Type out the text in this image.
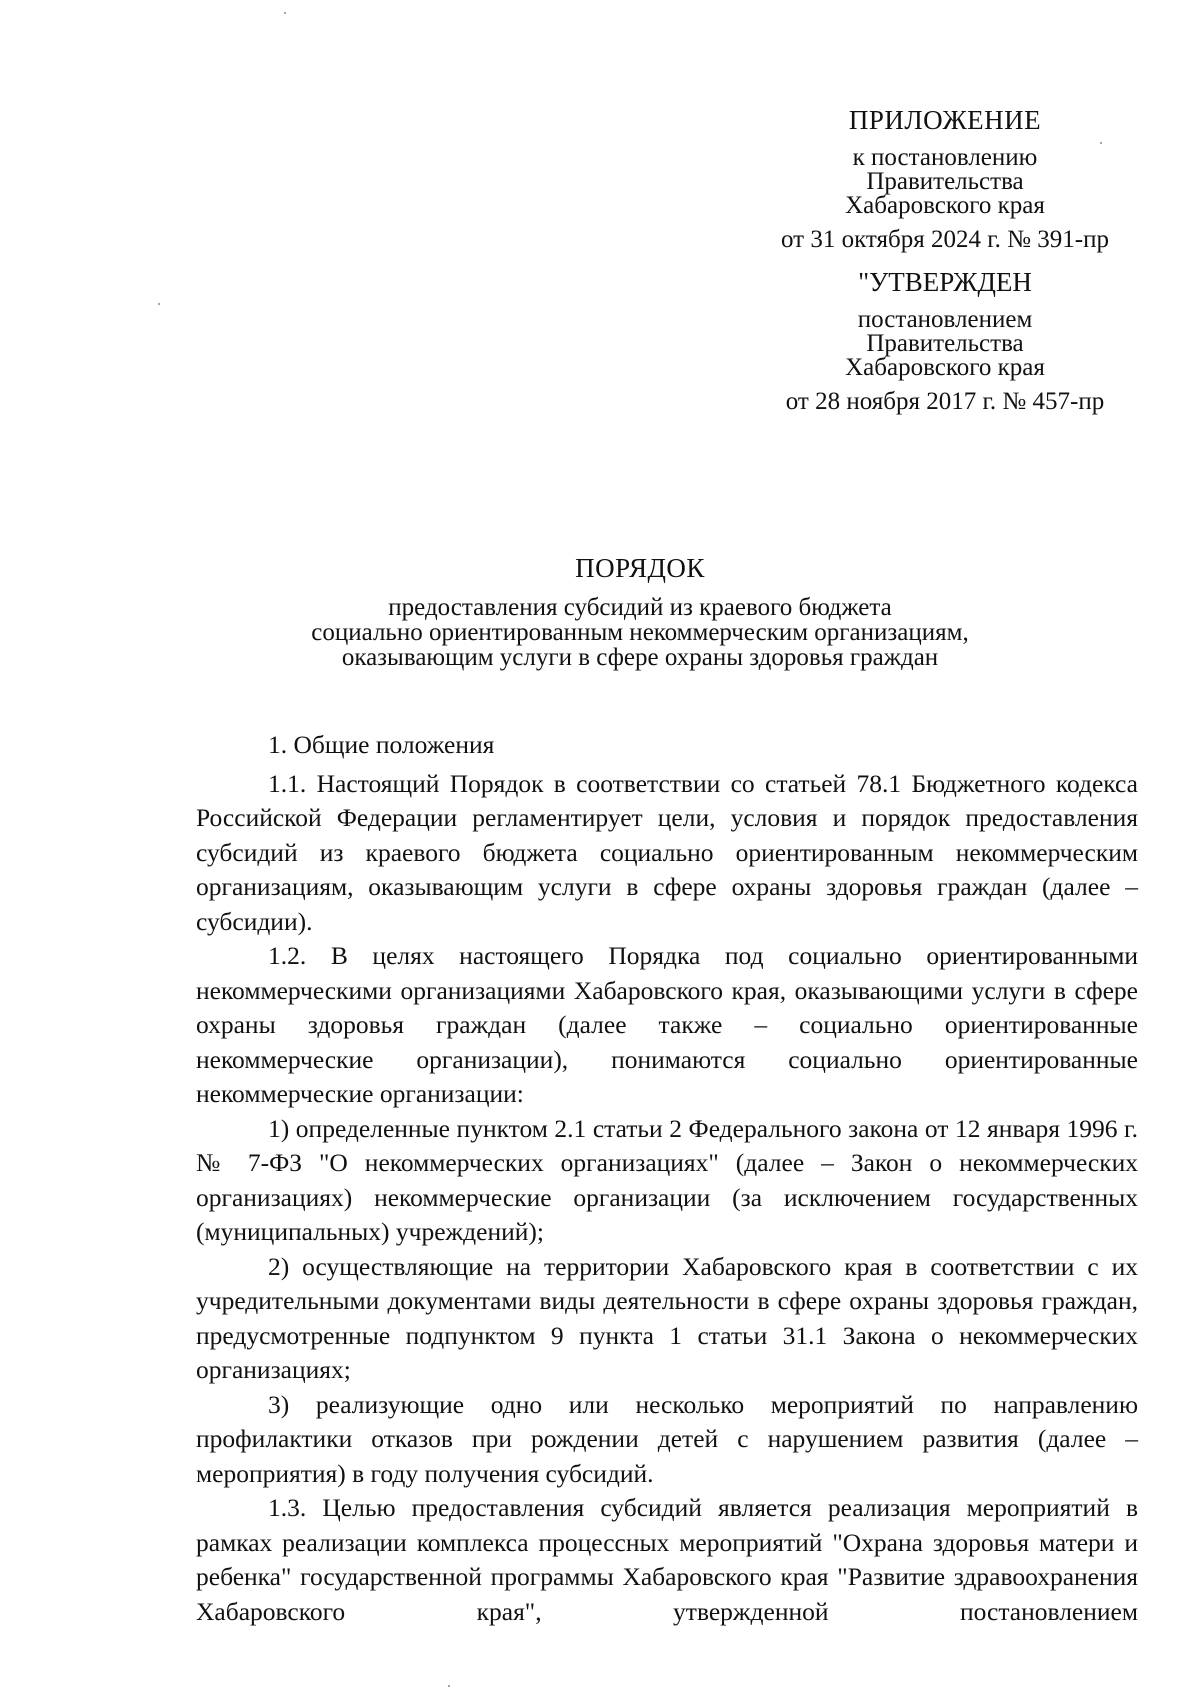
ПРИЛОЖЕНИЕ
к постановлению
Правительства
Хабаровского края
от 31 октября 2024 г. № 391-пр
"УТВЕРЖДЕН
постановлением
Правительства
Хабаровского края
от 28 ноября 2017 г. № 457-пр
ПОРЯДОК
предоставления субсидий из краевого бюджета
социально ориентированным некоммерческим организациям,
оказывающим услуги в сфере охраны здоровья граждан
1. Общие положения

1.1. Настоящий Порядок в соответствии со статьей 78.1 Бюджетного кодекса Российской Федерации регламентирует цели, условия и порядок предоставления субсидий из краевого бюджета социально ориентированным некоммерческим организациям, оказывающим услуги в сфере охраны здоровья граждан (далее – субсидии).

1.2. В целях настоящего Порядка под социально ориентированными некоммерческими организациями Хабаровского края, оказывающими услуги в сфере охраны здоровья граждан (далее также – социально ориентированные некоммерческие организации), понимаются социально ориентированные некоммерческие организации:

1) определенные пунктом 2.1 статьи 2 Федерального закона от 12 января 1996 г. № 7-ФЗ "О некоммерческих организациях" (далее – Закон о некоммерческих организациях) некоммерческие организации (за исключением государственных (муниципальных) учреждений);

2) осуществляющие на территории Хабаровского края в соответствии с их учредительными документами виды деятельности в сфере охраны здоровья граждан, предусмотренные подпунктом 9 пункта 1 статьи 31.1 Закона о некоммерческих организациях;

3) реализующие одно или несколько мероприятий по направлению профилактики отказов при рождении детей с нарушением развития (далее – мероприятия) в году получения субсидий.

1.3. Целью предоставления субсидий является реализация мероприятий в рамках реализации комплекса процессных мероприятий "Охрана здоровья матери и ребенка" государственной программы Хабаровского края "Развитие здравоохранения Хабаровского края", утвержденной постановлением
